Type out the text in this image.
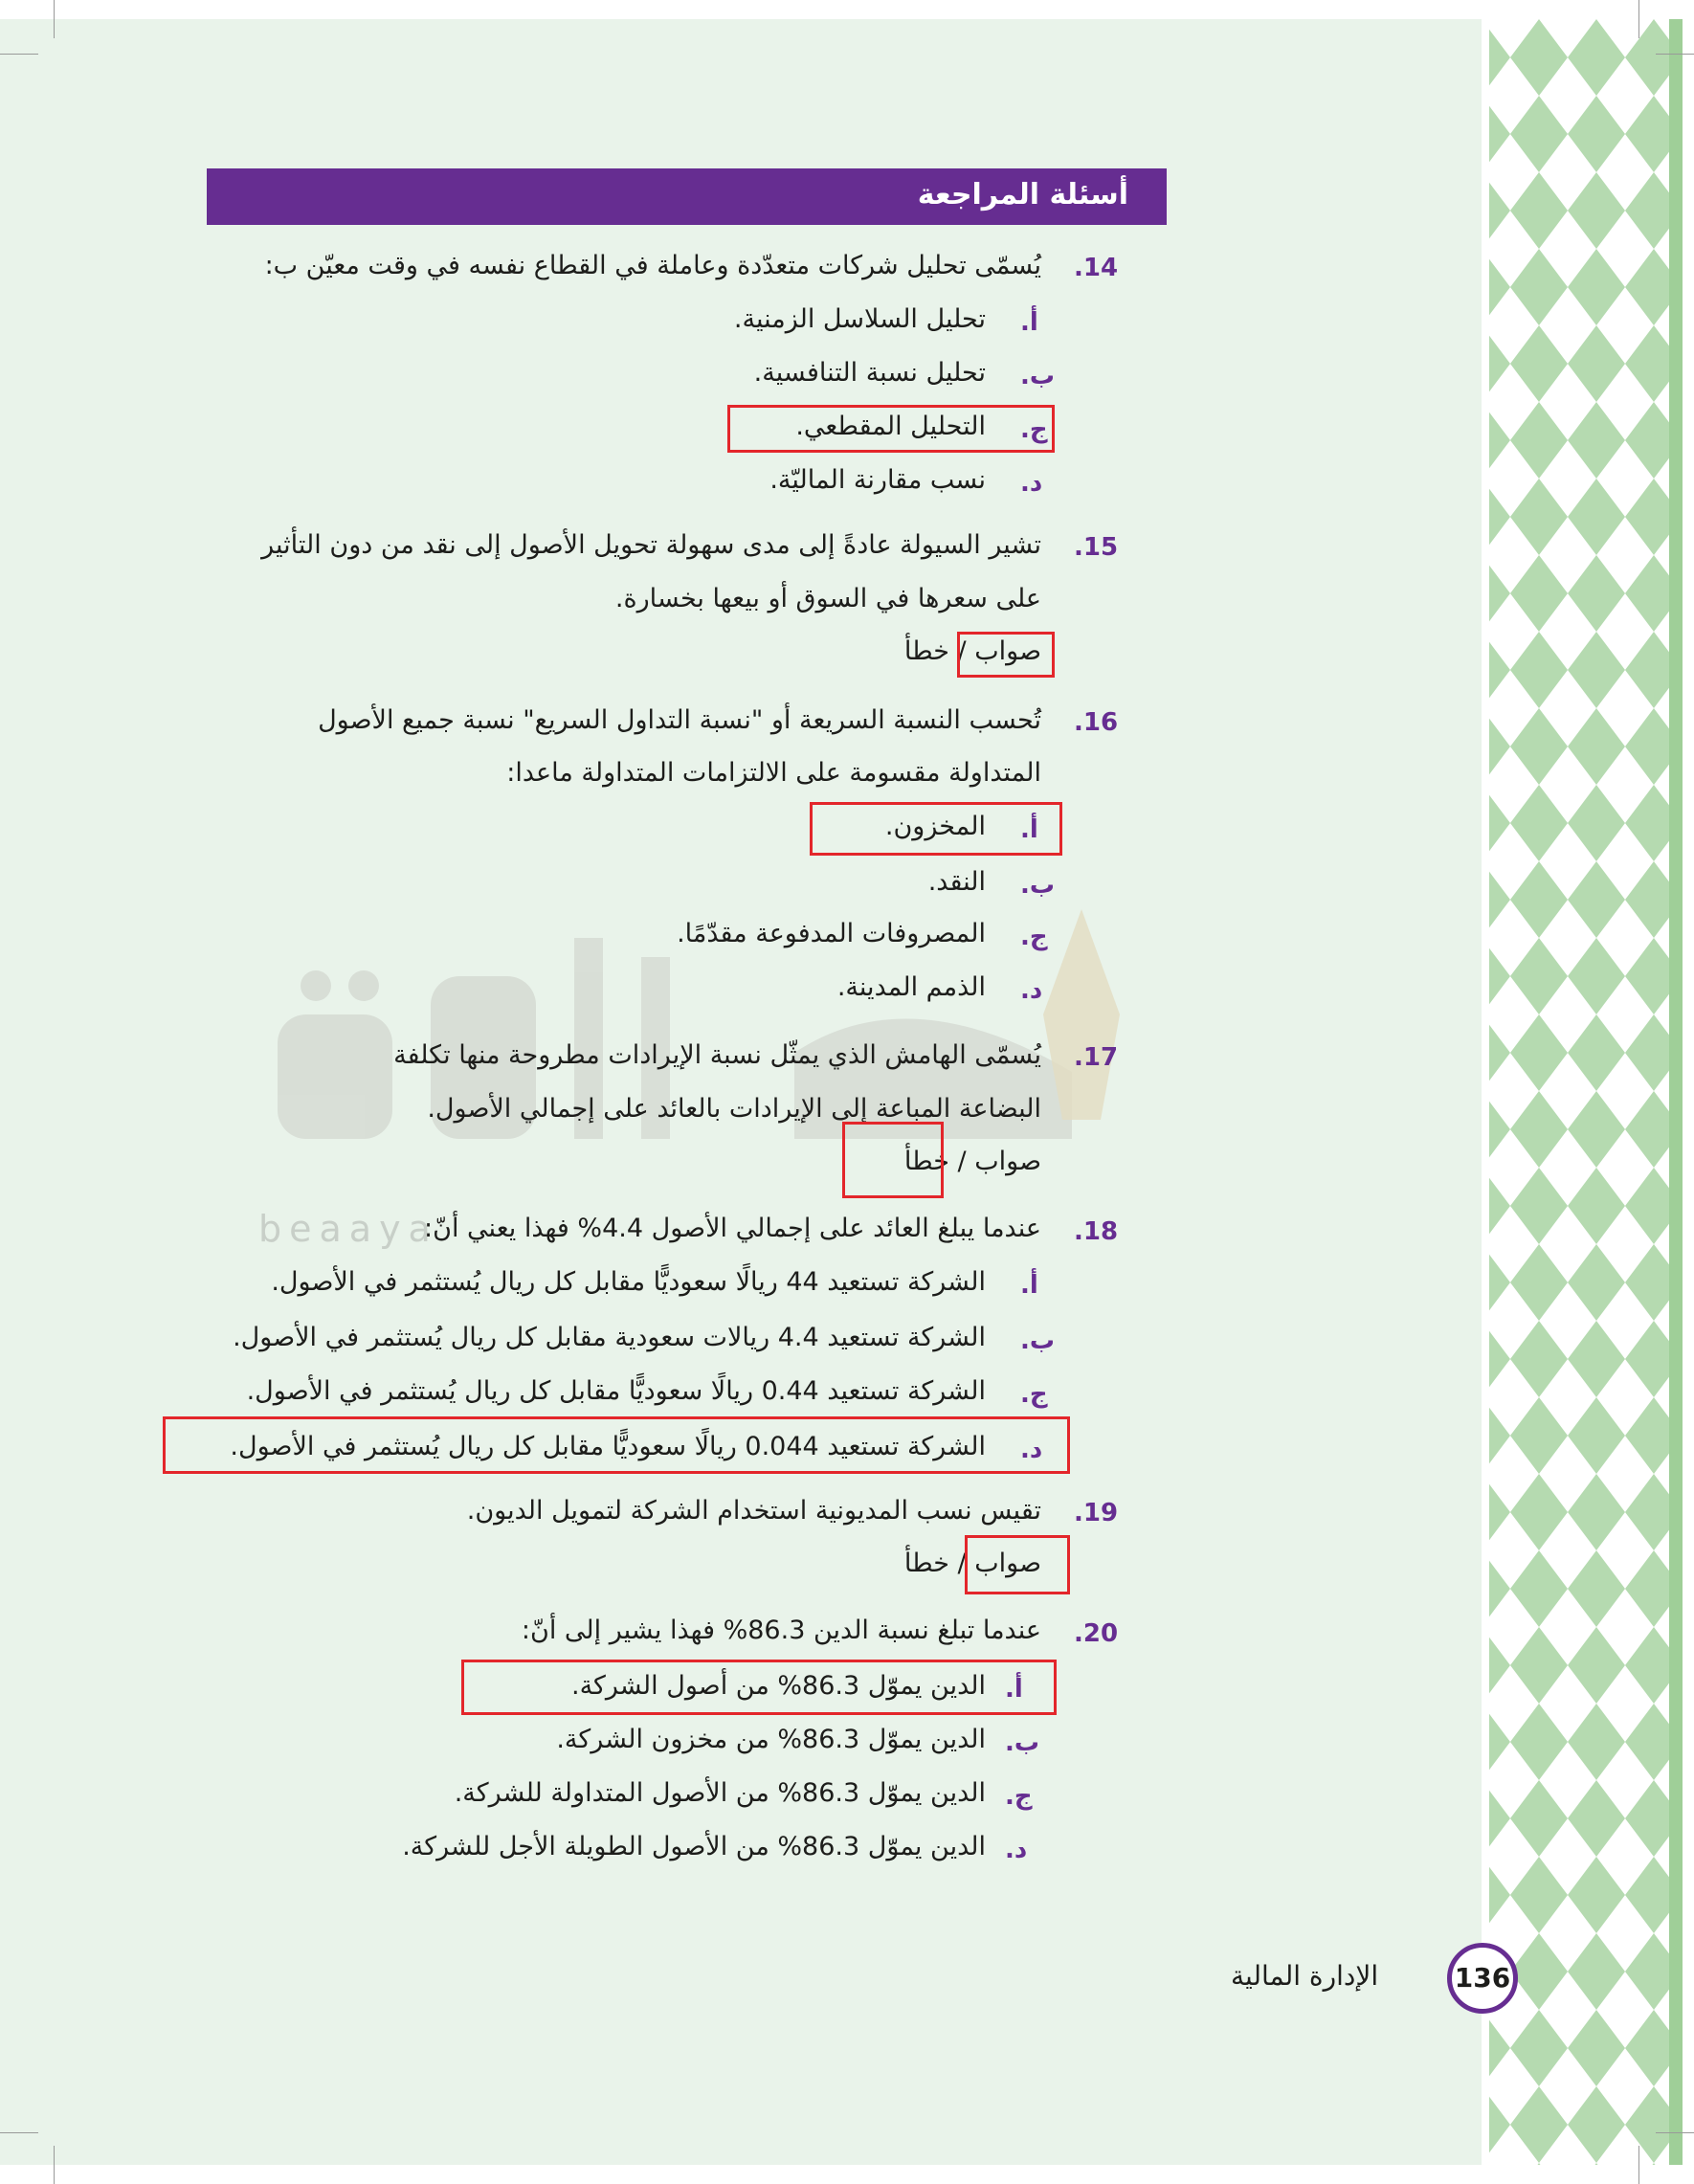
beaaya
أسئلة المراجعة
.14
يُسمّى تحليل شركات متعدّدة وعاملة في القطاع نفسه في وقت معيّن ب:
أ.
تحليل السلاسل الزمنية.
ب.
تحليل نسبة التنافسية.
ج.
التحليل المقطعي.
د.
نسب مقارنة الماليّة.
.15
تشير السيولة عادةً إلى مدى سهولة تحويل الأصول إلى نقد من دون التأثير
على سعرها في السوق أو بيعها بخسارة.
صواب / خطأ
.16
تُحسب النسبة السريعة أو "نسبة التداول السريع" نسبة جميع الأصول
المتداولة مقسومة على الالتزامات المتداولة ماعدا:
أ.
المخزون.
ب.
النقد.
ج.
المصروفات المدفوعة مقدّمًا.
د.
الذمم المدينة.
.17
يُسمّى الهامش الذي يمثّل نسبة الإيرادات مطروحة منها تكلفة
البضاعة المباعة إلى الإيرادات بالعائد على إجمالي الأصول.
صواب / خطأ
.18
عندما يبلغ العائد على إجمالي الأصول 4.4% فهذا يعني أنّ:
أ.
الشركة تستعيد 44 ريالًا سعوديًّا مقابل كل ريال يُستثمر في الأصول.
ب.
الشركة تستعيد 4.4 ريالات سعودية مقابل كل ريال يُستثمر في الأصول.
ج.
الشركة تستعيد 0.44 ريالًا سعوديًّا مقابل كل ريال يُستثمر في الأصول.
د.
الشركة تستعيد 0.044 ريالًا سعوديًّا مقابل كل ريال يُستثمر في الأصول.
.19
تقيس نسب المديونية استخدام الشركة لتمويل الديون.
صواب / خطأ
.20
عندما تبلغ نسبة الدين 86.3% فهذا يشير إلى أنّ:
أ.
الدين يموّل 86.3% من أصول الشركة.
ب.
الدين يموّل 86.3% من مخزون الشركة.
ج.
الدين يموّل 86.3% من الأصول المتداولة للشركة.
د.
الدين يموّل 86.3% من الأصول الطويلة الأجل للشركة.
الإدارة المالية	136
